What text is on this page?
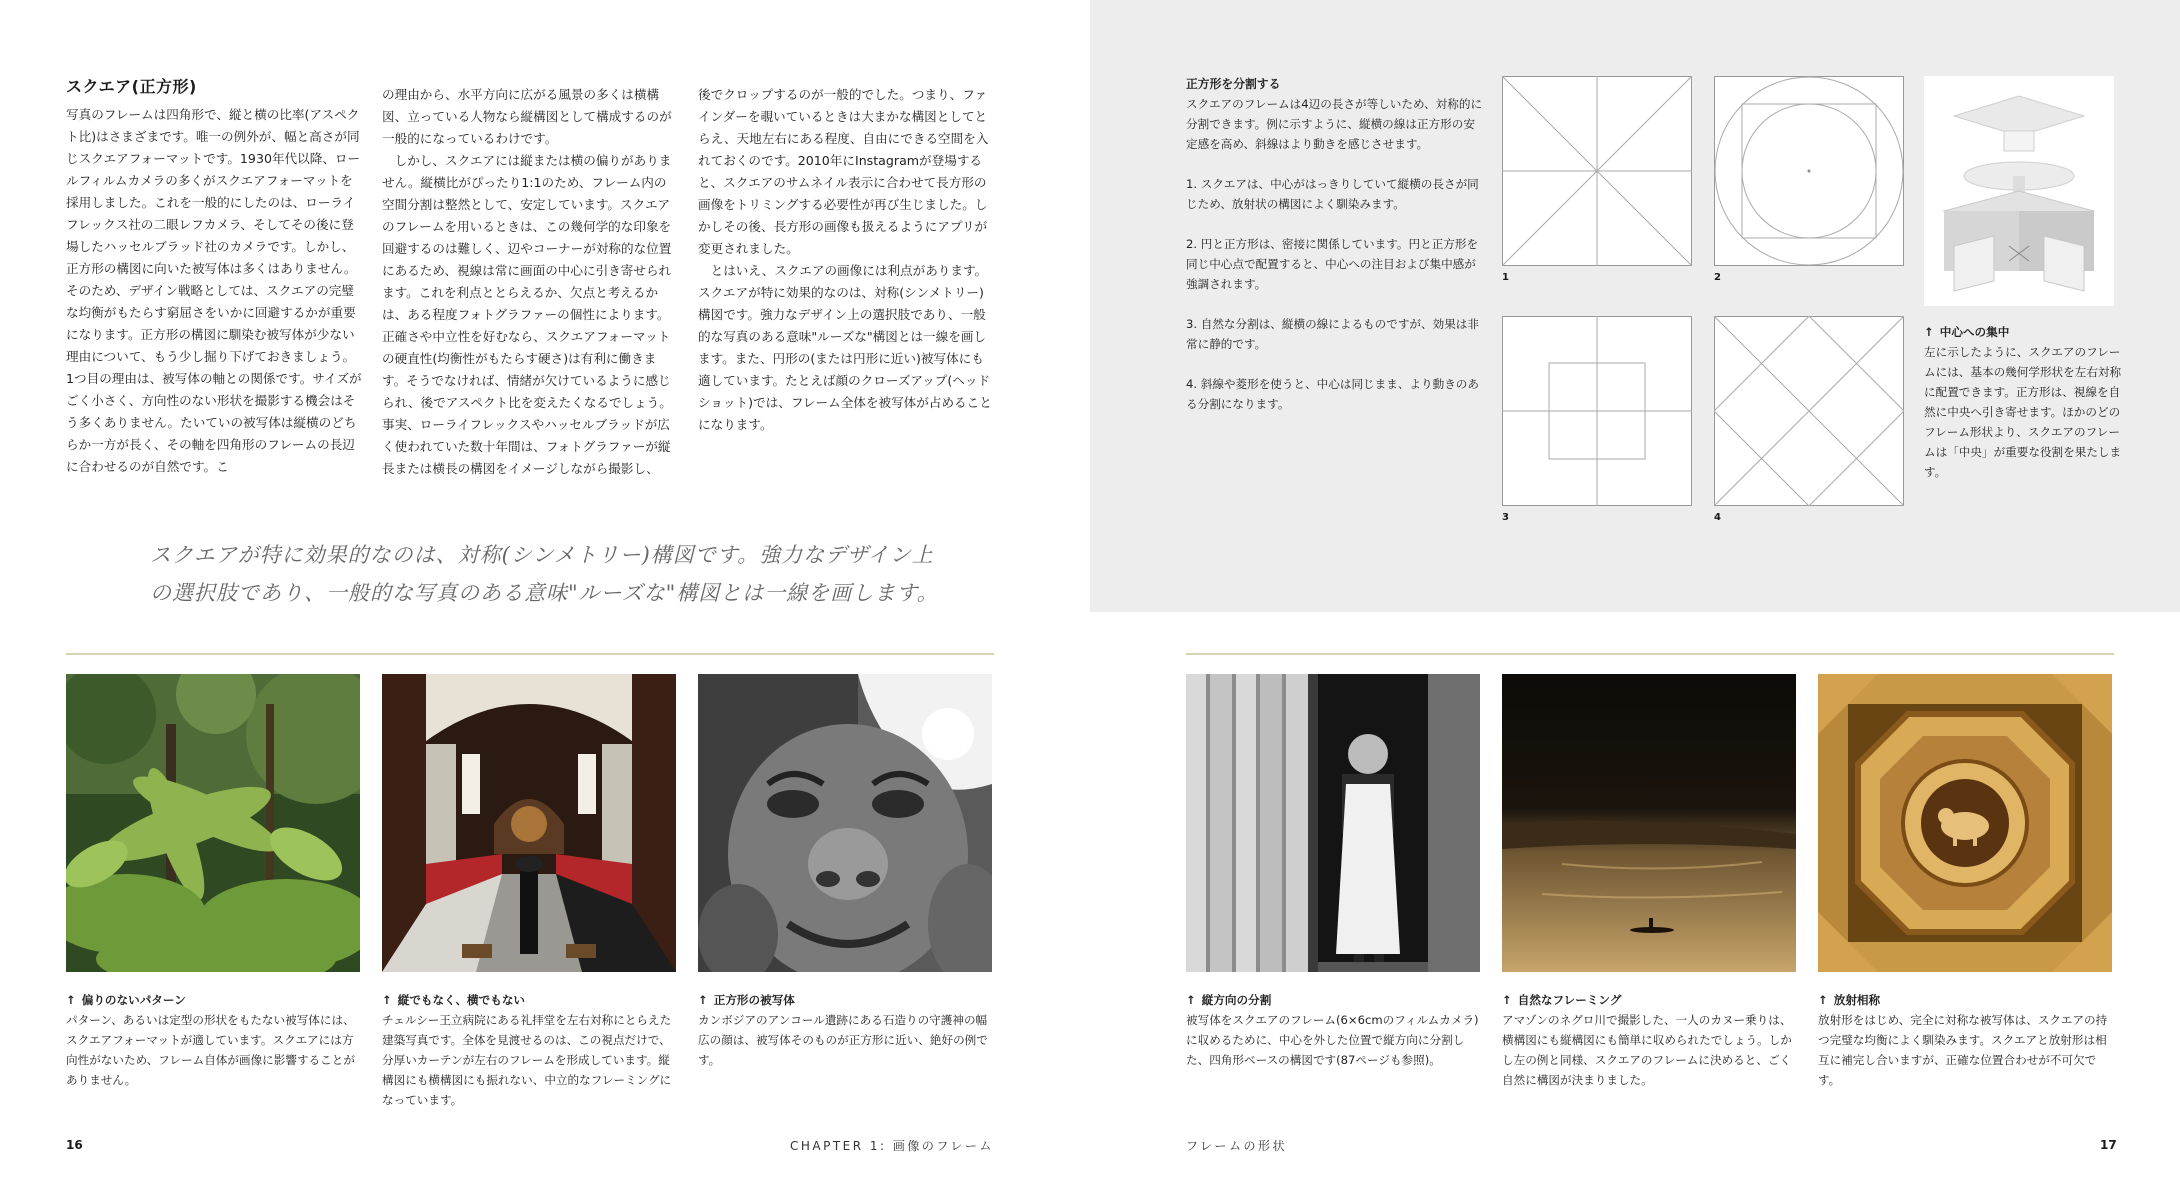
スクエア(正方形)

写真のフレームは四角形で、縦と横の比率(アスペクト比)はさまざまです。唯一の例外が、幅と高さが同じスクエアフォーマットです。1930年代以降、ロールフィルムカメラの多くがスクエアフォーマットを採用しました。これを一般的にしたのは、ローライフレックス社の二眼レフカメラ、そしてその後に登場したハッセルブラッド社のカメラです。しかし、正方形の構図に向いた被写体は多くはありません。そのため、デザイン戦略としては、スクエアの完璧な均衡がもたらす窮屈さをいかに回避するかが重要になります。正方形の構図に馴染む被写体が少ない理由について、もう少し掘り下げておきましょう。1つ目の理由は、被写体の軸との関係です。サイズがごく小さく、方向性のない形状を撮影する機会はそう多くありません。たいていの被写体は縦横のどちらか一方が長く、その軸を四角形のフレームの長辺に合わせるのが自然です。こ

の理由から、水平方向に広がる風景の多くは横構図、立っている人物なら縦構図として構成するのが一般的になっているわけです。

しかし、スクエアには縦または横の偏りがありません。縦横比がぴったり1:1のため、フレーム内の空間分割は整然として、安定しています。スクエアのフレームを用いるときは、この幾何学的な印象を回避するのは難しく、辺やコーナーが対称的な位置にあるため、視線は常に画面の中心に引き寄せられます。これを利点ととらえるか、欠点と考えるかは、ある程度フォトグラファーの個性によります。正確さや中立性を好むなら、スクエアフォーマットの硬直性(均衡性がもたらす硬さ)は有利に働きます。そうでなければ、情緒が欠けているように感じられ、後でアスペクト比を変えたくなるでしょう。事実、ローライフレックスやハッセルブラッドが広く使われていた数十年間は、フォトグラファーが縦長または横長の構図をイメージしながら撮影し、

後でクロップするのが一般的でした。つまり、ファインダーを覗いているときは大まかな構図としてとらえ、天地左右にある程度、自由にできる空間を入れておくのです。2010年にInstagramが登場すると、スクエアのサムネイル表示に合わせて長方形の画像をトリミングする必要性が再び生じました。しかしその後、長方形の画像も扱えるようにアプリが変更されました。

とはいえ、スクエアの画像には利点があります。スクエアが特に効果的なのは、対称(シンメトリー)構図です。強力なデザイン上の選択肢であり、一般的な写真のある意味"ルーズな"構図とは一線を画します。また、円形の(または円形に近い)被写体にも適しています。たとえば顔のクローズアップ(ヘッドショット)では、フレーム全体を被写体が占めることになります。

スクエアが特に効果的なのは、対称(シンメトリー)構図です。強力なデザイン上の選択肢であり、一般的な写真のある意味"ルーズな"構図とは一線を画します。
↑ 偏りのないパターン
パターン、あるいは定型の形状をもたない被写体には、スクエアフォーマットが適しています。スクエアには方向性がないため、フレーム自体が画像に影響することがありません。
↑ 縦でもなく、横でもない
チェルシー王立病院にある礼拝堂を左右対称にとらえた建築写真です。全体を見渡せるのは、この視点だけで、分厚いカーテンが左右のフレームを形成しています。縦構図にも横構図にも振れない、中立的なフレーミングになっています。
↑ 正方形の被写体
カンボジアのアンコール遺跡にある石造りの守護神の幅広の顔は、被写体そのものが正方形に近い、絶好の例です。
16	CHAPTER 1: 画像のフレーム
正方形を分割する
スクエアのフレームは4辺の長さが等しいため、対称的に分割できます。例に示すように、縦横の線は正方形の安定感を高め、斜線はより動きを感じさせます。
1. スクエアは、中心がはっきりしていて縦横の長さが同じため、放射状の構図によく馴染みます。
2. 円と正方形は、密接に関係しています。円と正方形を同じ中心点で配置すると、中心への注目および集中感が強調されます。
3. 自然な分割は、縦横の線によるものですが、効果は非常に静的です。
4. 斜線や菱形を使うと、中心は同じまま、より動きのある分割になります。
1	2
3	4
↑ 中心への集中
左に示したように、スクエアのフレームには、基本の幾何学形状を左右対称に配置できます。正方形は、視線を自然に中央へ引き寄せます。ほかのどのフレーム形状より、スクエアのフレームは「中央」が重要な役割を果たします。
↑ 縦方向の分割
被写体をスクエアのフレーム(6×6cmのフィルムカメラ)に収めるために、中心を外した位置で縦方向に分割した、四角形ベースの構図です(87ページも参照)。
↑ 自然なフレーミング
アマゾンのネグロ川で撮影した、一人のカヌー乗りは、横構図にも縦構図にも簡単に収められたでしょう。しかし左の例と同様、スクエアのフレームに決めると、ごく自然に構図が決まりました。
↑ 放射相称
放射形をはじめ、完全に対称な被写体は、スクエアの持つ完璧な均衡によく馴染みます。スクエアと放射形は相互に補完し合いますが、正確な位置合わせが不可欠です。
フレームの形状	17
